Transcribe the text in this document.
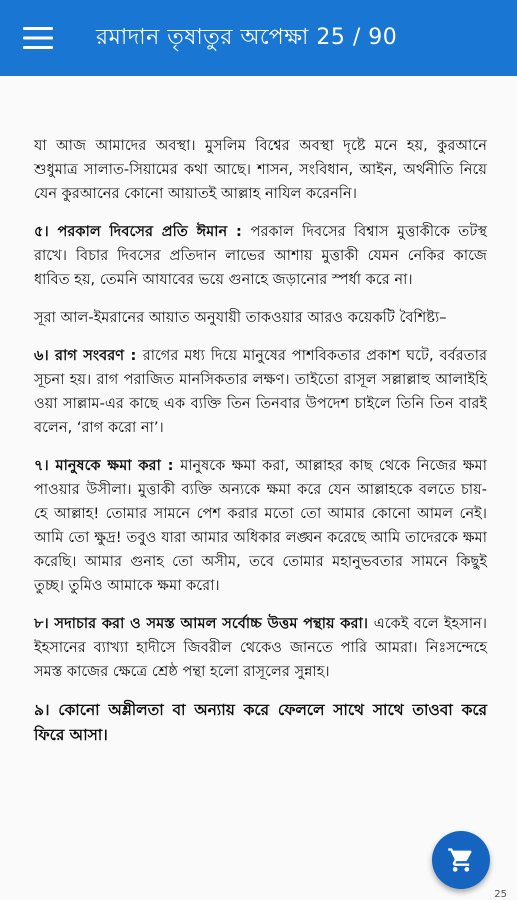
রমাদান তৃষাতুর অপেক্ষা 25 / 90

যা আজ আমাদের অবস্থা। মুসলিম বিশ্বের অবস্থা দৃষ্টে মনে হয়, কুরআনে শুধুমাত্র সালাত-সিয়ামের কথা আছে। শাসন, সংবিধান, আইন, অর্থনীতি নিয়ে যেন কুরআনের কোনো আয়াতই আল্লাহ নাযিল করেননি।

৫। পরকাল দিবসের প্রতি ঈমান : পরকাল দিবসের বিশ্বাস মুত্তাকীকে তটস্থ রাখে। বিচার দিবসের প্রতিদান লাভের আশায় মুত্তাকী যেমন নেকির কাজে ধাবিত হয়, তেমনি আযাবের ভয়ে গুনাহে জড়ানোর স্পর্ধা করে না।

সূরা আল-ইমরানের আয়াত অনুযায়ী তাকওয়ার আরও কয়েকটি বৈশিষ্ট্য–

৬। রাগ সংবরণ : রাগের মধ্য দিয়ে মানুষের পাশবিকতার প্রকাশ ঘটে, বর্বরতার সূচনা হয়। রাগ পরাজিত মানসিকতার লক্ষণ। তাইতো রাসূল সল্লাল্লাহু আলাইহি ওয়া সাল্লাম-এর কাছে এক ব্যক্তি তিন তিনবার উপদেশ চাইলে তিনি তিন বারই বলেন, ‘রাগ করো না’।

৭। মানুষকে ক্ষমা করা : মানুষকে ক্ষমা করা, আল্লাহর কাছ থেকে নিজের ক্ষমা পাওয়ার উসীলা। মুত্তাকী ব্যক্তি অন্যকে ক্ষমা করে যেন আল্লাহকে বলতে চায়- হে আল্লাহ! তোমার সামনে পেশ করার মতো তো আমার কোনো আমল নেই। আমি তো ক্ষুদ্র! তবুও যারা আমার অধিকার লঙ্ঘন করেছে আমি তাদেরকে ক্ষমা করেছি। আমার গুনাহ তো অসীম, তবে তোমার মহানুভবতার সামনে কিছুই তুচ্ছ। তুমিও আমাকে ক্ষমা করো।

৮। সদাচার করা ও সমস্ত আমল সর্বোচ্চ উত্তম পন্থায় করা। একেই বলে ইহসান। ইহসানের ব্যাখ্যা হাদীসে জিবরীল থেকেও জানতে পারি আমরা। নিঃসন্দেহে সমস্ত কাজের ক্ষেত্রে শ্রেষ্ঠ পন্থা হলো রাসূলের সুন্নাহ।

৯। কোনো অশ্লীলতা বা অন্যায় করে ফেললে সাথে সাথে তাওবা করে ফিরে আসা।

25
